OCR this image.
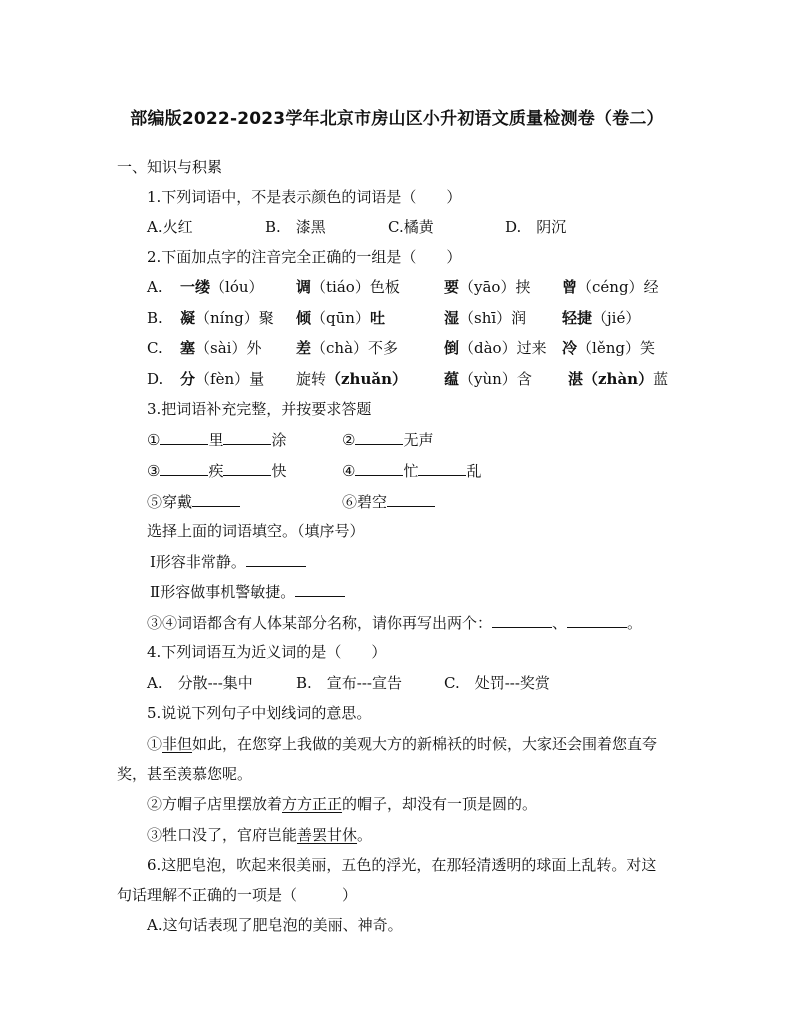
部编版2022-2023学年北京市房山区小升初语文质量检测卷（卷二）
一、知识与积累
1.下列词语中，不是表示颜色的词语是（　　）
A.火红	B.　漆黑	C.橘黄	D.　阴沉
2.下面加点字的注音完全正确的一组是（　　）
A. 一缕（lóu） 调（tiáo）色板	要（yāo）挟 曾（céng）经
B. 凝（níng）聚 倾（qūn）吐	湿（shī）润 轻捷（jié）
C. 塞（sài）外 差（chà）不多	倒（dào）过来 冷（lěng）笑
D. 分（fèn）量 旋转（zhuǎn） 蕴（yùn）含 湛（zhàn）蓝
3.把词语补充完整，并按要求答题
①	里	涂	②	无声
③	疾	快	④	忙	乱
⑤穿戴	⑥碧空
选择上面的词语填空。（填序号）
Ⅰ形容非常静。
Ⅱ形容做事机警敏捷。
③④词语都含有人体某部分名称，请你再写出两个：	、	。
4.下列词语互为近义词的是（　　）
A.　分散---集中	B.　宣布---宣告	C.　处罚---奖赏
5.说说下列句子中划线词的意思。
①非但如此，在您穿上我做的美观大方的新棉袄的时候，大家还会围着您直夸
奖，甚至羡慕您呢。
②方帽子店里摆放着方方正正的帽子，却没有一顶是圆的。
③牲口没了，官府岂能善罢甘休。
6.这肥皂泡，吹起来很美丽，五色的浮光，在那轻清透明的球面上乱转。对这
句话理解不正确的一项是（　　　）
A.这句话表现了肥皂泡的美丽、神奇。
